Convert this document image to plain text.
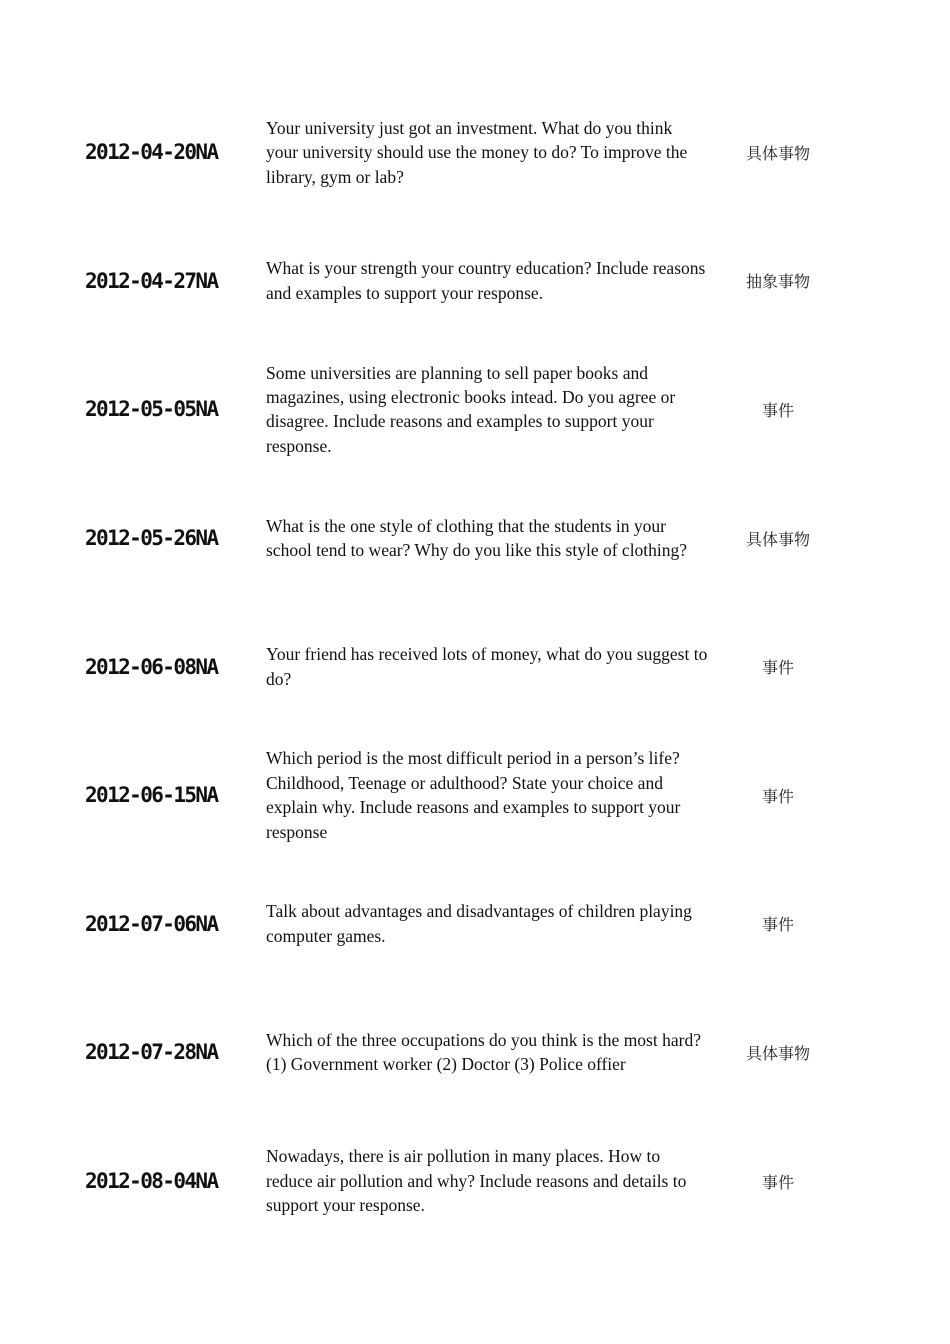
2012-04-20NA
Your university just got an investment. What do you think your university should use the money to do? To improve the library, gym or lab?
具体事物
2012-04-27NA
What is your strength your country education? Include reasons and examples to support your response.
抽象事物
2012-05-05NA
Some universities are planning to sell paper books and magazines, using electronic books intead. Do you agree or disagree. Include reasons and examples to support your response.
事件
2012-05-26NA
What is the one style of clothing that the students in your school tend to wear? Why do you like this style of clothing?
具体事物
2012-06-08NA
Your friend has received lots of money, what do you suggest to do?
事件
2012-06-15NA
Which period is the most difficult period in a person’s life? Childhood, Teenage or adulthood? State your choice and explain why. Include reasons and examples to support your response
事件
2012-07-06NA
Talk about advantages and disadvantages of children playing computer games.
事件
2012-07-28NA
Which of the three occupations do you think is the most hard? (1) Government worker (2) Doctor (3) Police offier
具体事物
2012-08-04NA
Nowadays, there is air pollution in many places. How to reduce air pollution and why? Include reasons and details to support your response.
事件
